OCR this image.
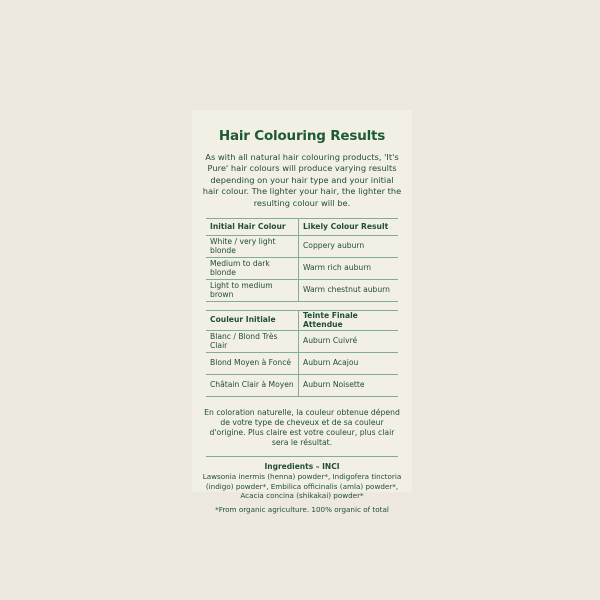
Hair Colouring Results
As with all natural hair colouring products, 'It's Pure' hair colours will produce varying results depending on your hair type and your initial hair colour. The lighter your hair, the lighter the resulting colour will be.
Initial Hair Colour	Likely Colour Result
White / very light blonde	Coppery auburn
Medium to dark blonde	Warm rich auburn
Light to medium brown	Warm chestnut auburn
Couleur Initiale	Teinte Finale Attendue
Blanc / Blond Très Clair	Auburn Cuivré
Blond Moyen à Foncé	Auburn Acajou
Châtain Clair à Moyen	Auburn Noisette
En coloration naturelle, la couleur obtenue dépend de votre type de cheveux et de sa couleur d'origine. Plus claire est votre couleur, plus clair sera le résultat.
Ingredients – INCI
Lawsonia inermis (henna) powder*, Indigofera tinctoria (indigo) powder*, Embilica officinalis (amla) powder*, Acacia concina (shikakai) powder*
*From organic agriculture. 100% organic of total
